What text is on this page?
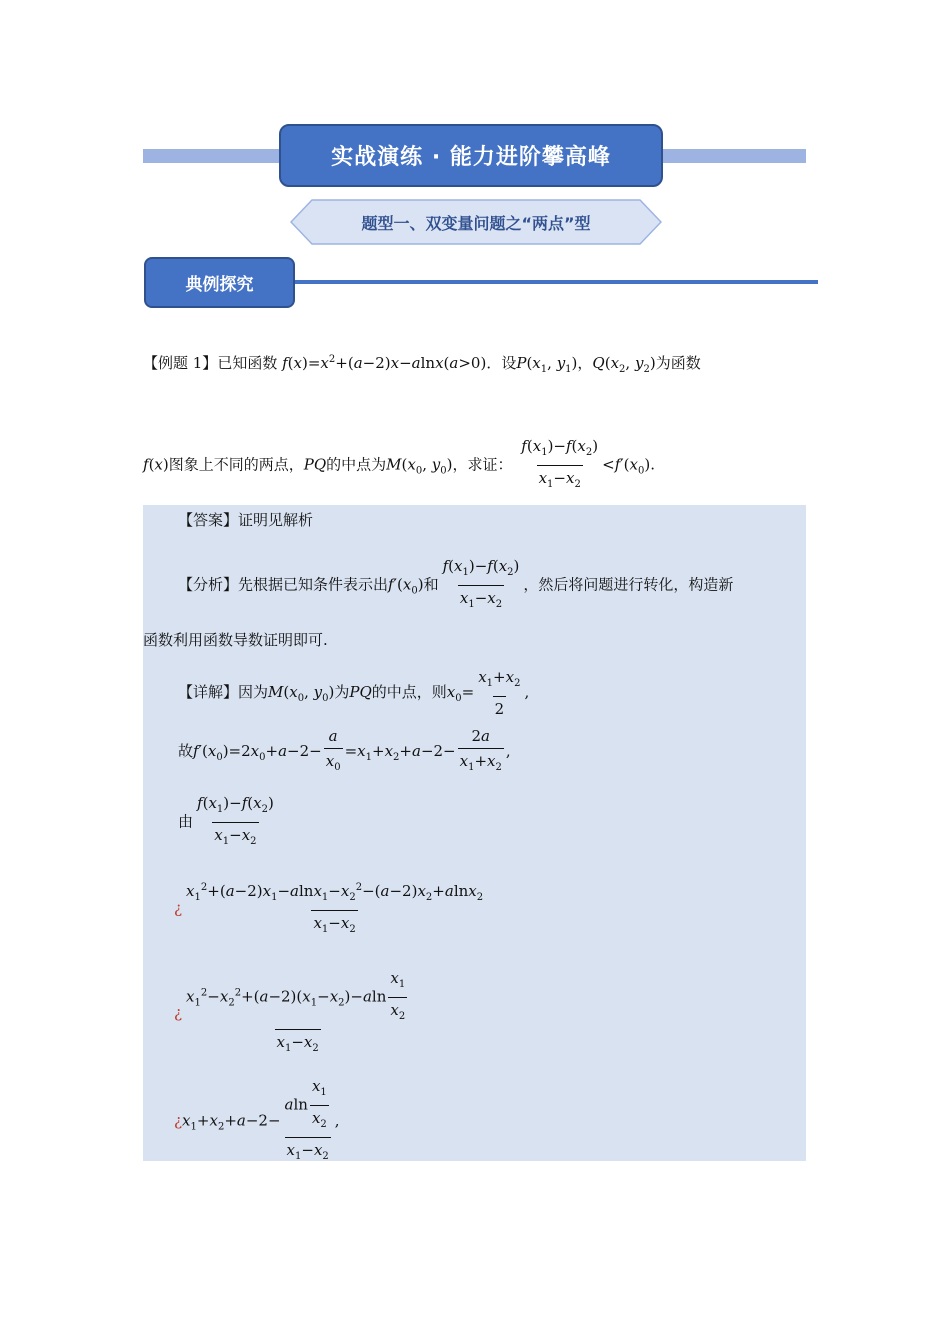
实战演练 · 能力进阶攀高峰
题型一、双变量问题之“两点”型
典例探究
【例题 1】已知函数 $f(x)=x^2+(a-2)x-alnx(a>0)$．设$P(x_1$, $y_1$)，$Q(x_2$, $y_2$)为函数
f(x)图象上不同的两点，PQ的中点为$M(x_0$, $y_0$)，求证： $\frac{f(x_1)-f(x_2)}{x_1-x_2} <f'(x_0)$.
【答案】证明见解析
【分析】先根据已知条件表示出$f'(x_0)$和 $\frac{f(x_1)-f(x_2)}{x_1-x_2}$ ，然后将问题进行转化，构造新
函数利用函数导数证明即可.
【详解】因为$M(x_0$, $y_0$)为PQ的中点，则$x_0= \frac{x_1+x_2}{2}$ ,
故$f'(x_0)=2x_0+a-2- \frac{a}{x_0} =x_1+x_2+a-2- \frac{2a}{x_1+x_2}$ ,
由 $\frac{f(x_1)-f(x_2)}{x_1-x_2}$
¿ $\frac{x_1^2+(a-2)x_1-alnx_1-x_2^2-(a-2)x_2+alnx_2}{x_1-x_2}$
¿ $\frac{x_1^2-x_2^2+(a-2)(x_1-x_2)-aln \frac{x_1}{x_2}}{x_1-x_2}$
¿$x_1+x_2+a-2- \frac{aln \frac{x_1}{x_2}}{x_1-x_2}$ ,
